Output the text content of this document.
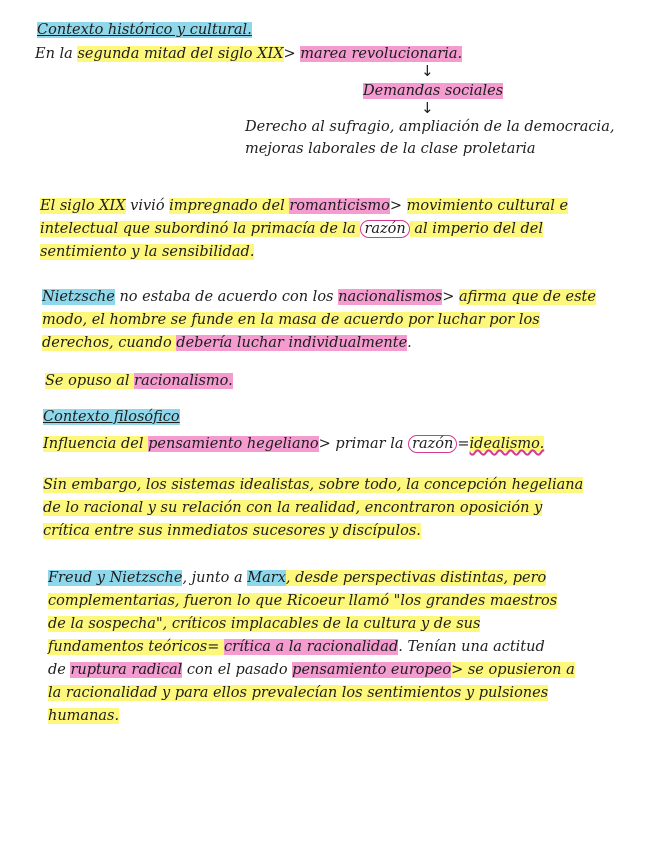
Contexto histórico y cultural.
En la segunda mitad del siglo XIX> marea revolucionaria.
↓
Demandas sociales
↓
Derecho al sufragio, ampliación de la democracia,
mejoras laborales de la clase proletaria
El siglo XIX vivió impregnado del romanticismo> movimiento cultural e
intelectual que subordinó la primacía de la razón al imperio del del
sentimiento y la sensibilidad.
Nietzsche no estaba de acuerdo con los nacionalismos> afirma que de este
modo, el hombre se funde en la masa de acuerdo por luchar por los
derechos, cuando debería luchar individualmente.
Se opuso al racionalismo.
Contexto filosófico
Influencia del pensamiento hegeliano> primar la razón =idealismo.
Sin embargo, los sistemas idealistas, sobre todo, la concepción hegeliana
de lo racional y su relación con la realidad, encontraron oposición y
crítica entre sus inmediatos sucesores y discípulos.
Freud y Nietzsche, junto a Marx, desde perspectivas distintas, pero
complementarias, fueron lo que Ricoeur llamó "los grandes maestros
de la sospecha", críticos implacables de la cultura y de sus
fundamentos teóricos= crítica a la racionalidad. Tenían una actitud
de ruptura radical con el pasado pensamiento europeo> se opusieron a
la racionalidad y para ellos prevalecían los sentimientos y pulsiones
humanas.
